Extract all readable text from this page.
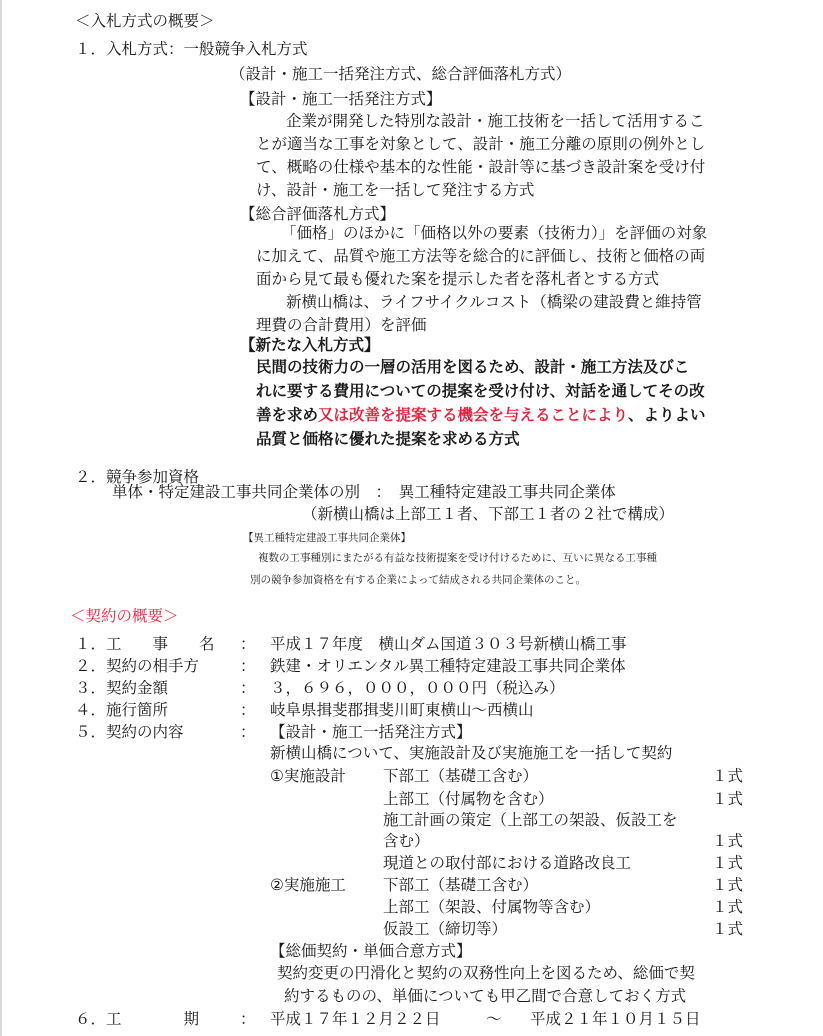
＜入札方式の概要＞
１．入札方式：一般競争入札方式
（設計・施工一括発注方式、総合評価落札方式）
【設計・施工一括発注方式】
企業が開発した特別な設計・施工技術を一括して活用するこ
とが適当な工事を対象として、設計・施工分離の原則の例外とし
て、概略の仕様や基本的な性能・設計等に基づき設計案を受け付
け、設計・施工を一括して発注する方式
【総合評価落札方式】
「価格」のほかに「価格以外の要素（技術力）」を評価の対象
に加えて、品質や施工方法等を総合的に評価し、技術と価格の両
面から見て最も優れた案を提示した者を落札者とする方式
新横山橋は、ライフサイクルコスト（橋梁の建設費と維持管
理費の合計費用）を評価
【新たな入札方式】
民間の技術力の一層の活用を図るため、設計・施工方法及びこ
れに要する費用についての提案を受け付け、対話を通してその改
善を求め又は改善を提案する機会を与えることにより、よりよい
品質と価格に優れた提案を求める方式
２．競争参加資格
単体・特定建設工事共同企業体の別　：　異工種特定建設工事共同企業体
（新横山橋は上部工１者、下部工１者の２社で構成）
【異工種特定建設工事共同企業体】
複数の工事種別にまたがる有益な技術提案を受け付けるために、互いに異なる工事種
別の競争参加資格を有する企業によって結成される共同企業体のこと。
＜契約の概要＞
１．工　　事　　名 ： 平成１７年度　横山ダム国道３０３号新横山橋工事
２．契約の相手方	： 鉄建・オリエンタル異工種特定建設工事共同企業体
３．契約金額	： ３，６９６，０００，０００円（税込み）
４．施行箇所	： 岐阜県揖斐郡揖斐川町東横山～西横山
５．契約の内容	： 【設計・施工一括発注方式】
新横山橋について、実施設計及び実施施工を一括して契約
①実施設計 下部工（基礎工含む）	１式
上部工（付属物を含む）	１式
施工計画の策定（上部工の架設、仮設工を
含む）	１式
現道との取付部における道路改良工	１式
②実施施工 下部工（基礎工含む）	１式
上部工（架設、付属物等含む）	１式
仮設工（締切等）	１式
【総価契約・単価合意方式】
契約変更の円滑化と契約の双務性向上を図るため、総価で契
約するものの、単価についても甲乙間で合意しておく方式
６．工　　　　期	： 平成１７年１２月２２日	～ 平成２１年１０月１５日
